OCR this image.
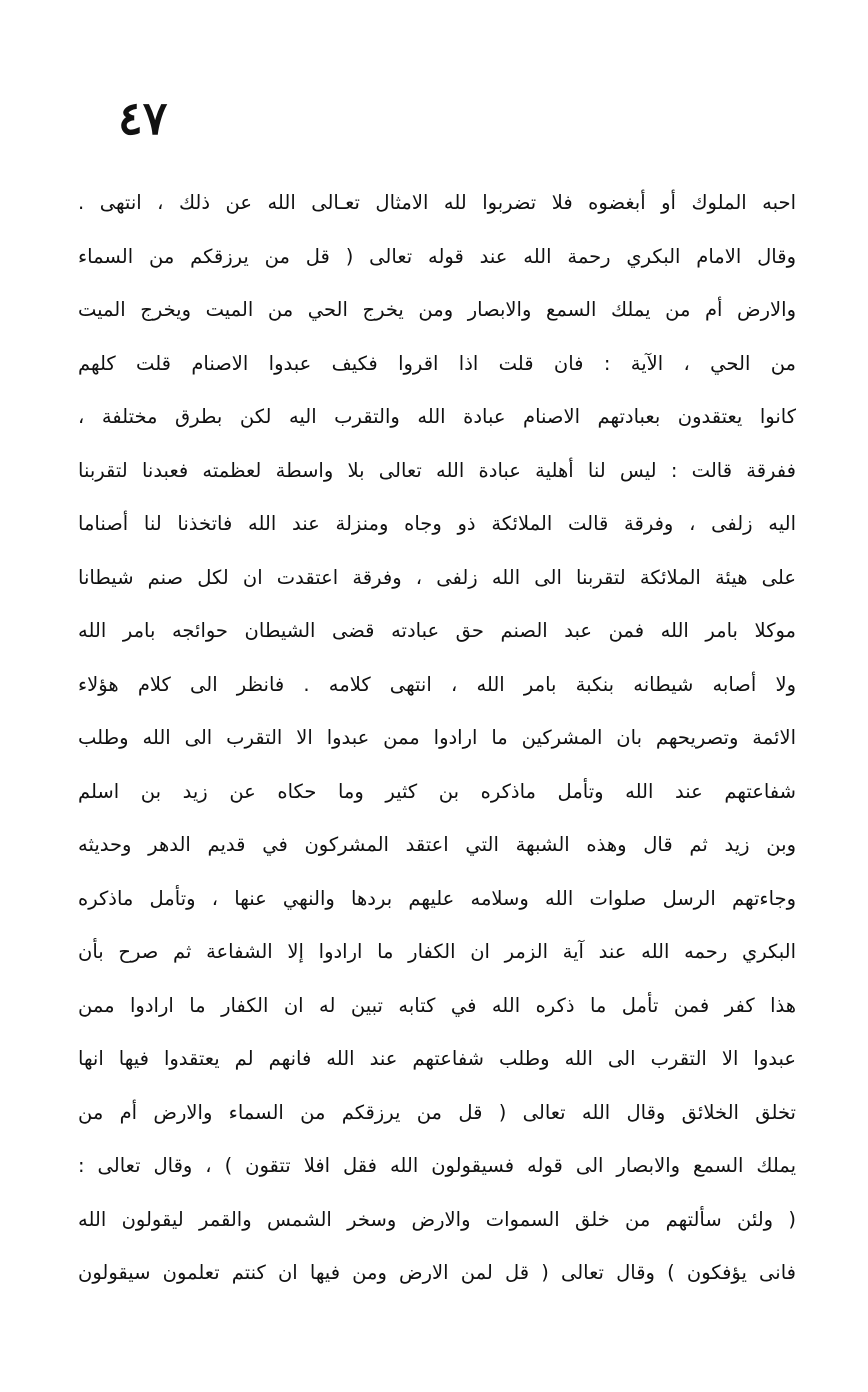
٤٧
احبه الملوك أو أبغضوه فلا تضربوا لله الامثال تعـالى الله عن ذلك ، انتهى .
وقال الامام البكري رحمة الله عند قوله تعالى ( قل من يرزقكم من السماء
والارض أم من يملك السمع والابصار ومن يخرج الحي من الميت ويخرج الميت
من الحي ، الآية : فان قلت اذا اقروا فكيف عبدوا الاصنام قلت كلهم
كانوا يعتقدون بعبادتهم الاصنام عبادة الله والتقرب اليه لكن بطرق مختلفة ،
ففرقة قالت : ليس لنا أهلية عبادة الله تعالى بلا واسطة لعظمته فعبدنا لتقربنا
اليه زلفى ، وفرقة قالت الملائكة ذو وجاه ومنزلة عند الله فاتخذنا لنا أصناما
على هيئة الملائكة لتقربنا الى الله زلفى ، وفرقة اعتقدت ان لكل صنم شيطانا
موكلا بامر الله فمن عبد الصنم حق عبادته قضى الشيطان حوائجه بامر الله
ولا أصابه شيطانه بنكبة بامر الله ، انتهى كلامه . فانظر الى كلام هؤلاء
الائمة وتصريحهم بان المشركين ما ارادوا ممن عبدوا الا التقرب الى الله وطلب
شفاعتهم عند الله وتأمل ماذكره بن كثير وما حكاه عن زيد بن اسلم
وبن زيد ثم قال وهذه الشبهة التي اعتقد المشركون في قديم الدهر وحديثه
وجاءتهم الرسل صلوات الله وسلامه عليهم بردها والنهي عنها ، وتأمل ماذكره
البكري رحمه الله عند آية الزمر ان الكفار ما ارادوا إلا الشفاعة ثم صرح بأن
هذا كفر فمن تأمل ما ذكره الله في كتابه تبين له ان الكفار ما ارادوا ممن
عبدوا الا التقرب الى الله وطلب شفاعتهم عند الله فانهم لم يعتقدوا فيها انها
تخلق الخلائق وقال الله تعالى ( قل من يرزقكم من السماء والارض أم من
يملك السمع والابصار الى قوله فسيقولون الله فقل افلا تتقون ) ، وقال تعالى :
( ولئن سألتهم من خلق السموات والارض وسخر الشمس والقمر ليقولون الله
فانى يؤفكون ) وقال تعالى ( قل لمن الارض ومن فيها ان كنتم تعلمون سيقولون
